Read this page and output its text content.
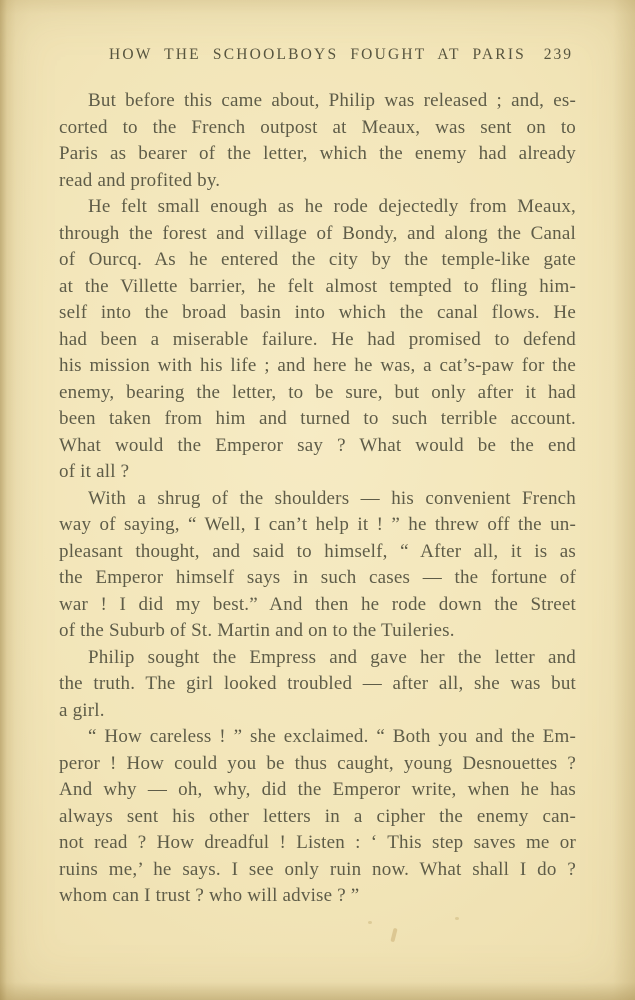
HOW THE SCHOOLBOYS FOUGHT AT PARIS 239
But before this came about, Philip was released ; and, es-
corted to the French outpost at Meaux, was sent on to
Paris as bearer of the letter, which the enemy had already
read and profited by.
He felt small enough as he rode dejectedly from Meaux,
through the forest and village of Bondy, and along the Canal
of Ourcq. As he entered the city by the temple-like gate
at the Villette barrier, he felt almost tempted to fling him-
self into the broad basin into which the canal flows. He
had been a miserable failure. He had promised to defend
his mission with his life ; and here he was, a cat’s-paw for the
enemy, bearing the letter, to be sure, but only after it had
been taken from him and turned to such terrible account.
What would the Emperor say ? What would be the end
of it all ?
With a shrug of the shoulders — his convenient French
way of saying, “ Well, I can’t help it ! ” he threw off the un-
pleasant thought, and said to himself, “ After all, it is as
the Emperor himself says in such cases — the fortune of
war ! I did my best.” And then he rode down the Street
of the Suburb of St. Martin and on to the Tuileries.
Philip sought the Empress and gave her the letter and
the truth. The girl looked troubled — after all, she was but
a girl.
“ How careless ! ” she exclaimed. “ Both you and the Em-
peror ! How could you be thus caught, young Desnouettes ?
And why — oh, why, did the Emperor write, when he has
always sent his other letters in a cipher the enemy can-
not read ? How dreadful ! Listen : ‘ This step saves me or
ruins me,’ he says. I see only ruin now. What shall I do ?
whom can I trust ? who will advise ? ”
